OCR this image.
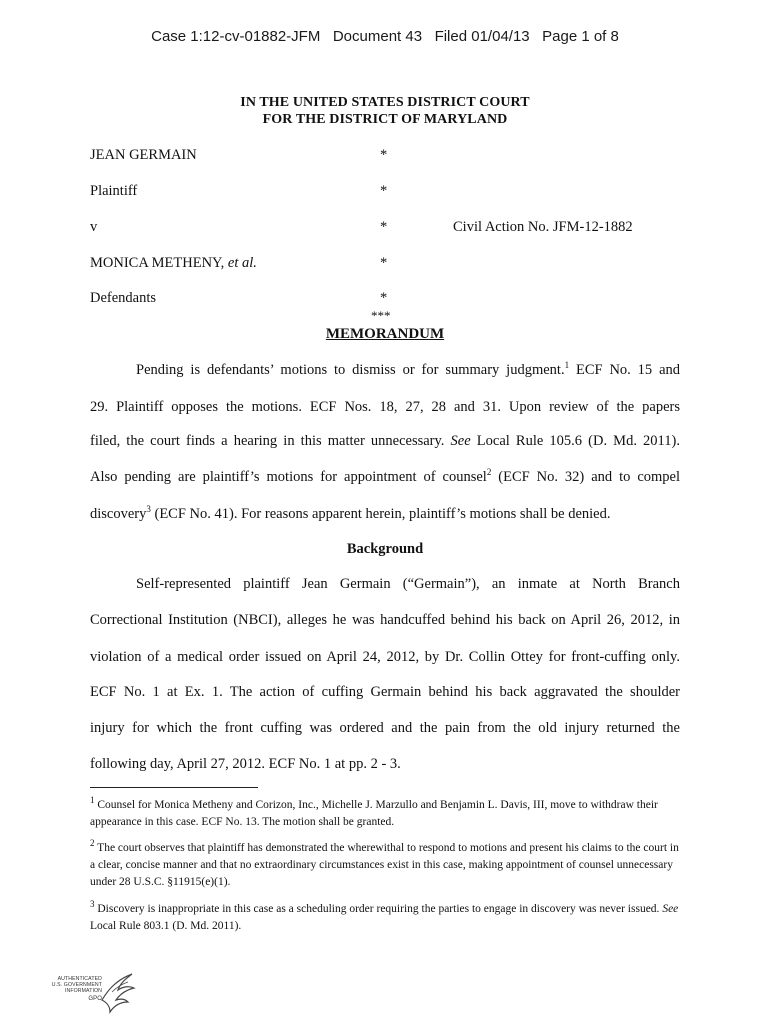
Case 1:12-cv-01882-JFM   Document 43   Filed 01/04/13   Page 1 of 8
IN THE UNITED STATES DISTRICT COURT
FOR THE DISTRICT OF MARYLAND
JEAN GERMAIN	*
Plaintiff	*
v	*	Civil Action No. JFM-12-1882
MONICA METHENY, et al.	*
Defendants	*
***
MEMORANDUM
Pending is defendants’ motions to dismiss or for summary judgment.$^1$ ECF No. 15 and
29. Plaintiff opposes the motions. ECF Nos. 18, 27, 28 and 31. Upon review of the papers
filed, the court finds a hearing in this matter unnecessary. See Local Rule 105.6 (D. Md. 2011).
Also pending are plaintiff’s motions for appointment of counsel$^2$ (ECF No. 32) and to compel
discovery$^3$ (ECF No. 41). For reasons apparent herein, plaintiff’s motions shall be denied.
Background
Self-represented plaintiff Jean Germain (“Germain”), an inmate at North Branch
Correctional Institution (NBCI), alleges he was handcuffed behind his back on April 26, 2012, in
violation of a medical order issued on April 24, 2012, by Dr. Collin Ottey for front-cuffing only.
ECF No. 1 at Ex. 1. The action of cuffing Germain behind his back aggravated the shoulder
injury for which the front cuffing was ordered and the pain from the old injury returned the
following day, April 27, 2012. ECF No. 1 at pp. 2 - 3.
$^1$ Counsel for Monica Metheny and Corizon, Inc., Michelle J. Marzullo and Benjamin L. Davis, III, move to withdraw their appearance in this case. ECF No. 13. The motion shall be granted.
$^2$ The court observes that plaintiff has demonstrated the wherewithal to respond to motions and present his claims to the court in a clear, concise manner and that no extraordinary circumstances exist in this case, making appointment of counsel unnecessary under 28 U.S.C. §11915(e)(1).
$^3$ Discovery is inappropriate in this case as a scheduling order requiring the parties to engage in discovery was never issued. See Local Rule 803.1 (D. Md. 2011).
AUTHENTICATED
U.S. GOVERNMENT
INFORMATION
GPO
